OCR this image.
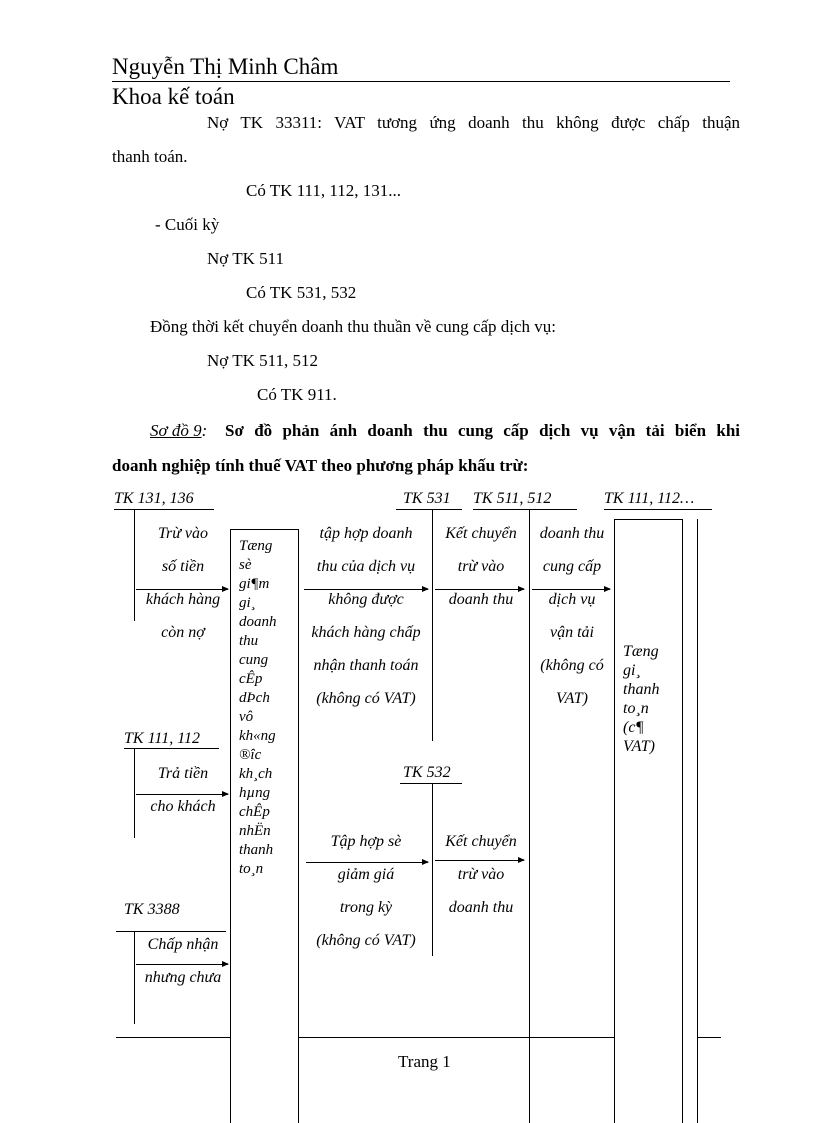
Nguyễn Thị Minh Châm
Khoa kế toán
Nợ TK 33311: VAT tương ứng doanh thu không được chấp thuận
thanh toán.
Có TK 111, 112, 131...
- Cuối kỳ
Nợ TK 511
Có TK 531, 532
Đồng thời kết chuyển doanh thu thuần về cung cấp dịch vụ:
Nợ TK 511, 512
Có TK 911.
Sơ đồ 9: Sơ đồ phản ánh doanh thu cung cấp dịch vụ vận tải biển khi
doanh nghiệp tính thuế VAT theo phương pháp khấu trừ:
TK 131, 136	TK 531 TK 511, 512	TK 111, 112…
Tæng
sè
gi¶m
gi¸
doanh
thu
cung
cÊp
dÞch
vô
kh«ng
®îc
kh¸ch
hµng
chÊp
nhËn
thanh
to¸n
Tæng
gi¸
thanh
to¸n
(c¶
VAT)
Trừ vào
số tiền
khách hàng
còn nợ
tập hợp doanh
thu của dịch vụ
không được
khách hàng chấp
nhận thanh toán
(không có VAT)
Kết chuyển
trừ vào
doanh thu
doanh thu
cung cấp
dịch vụ
vận tải
(không có
VAT)
TK 111, 112
Trả tiền
cho khách
TK 532
Tập hợp sè
giảm giá
trong kỳ
(không có VAT)
Kết chuyển
trừ vào
doanh thu
TK 3388
Chấp nhận
nhưng chưa
Trang 1
